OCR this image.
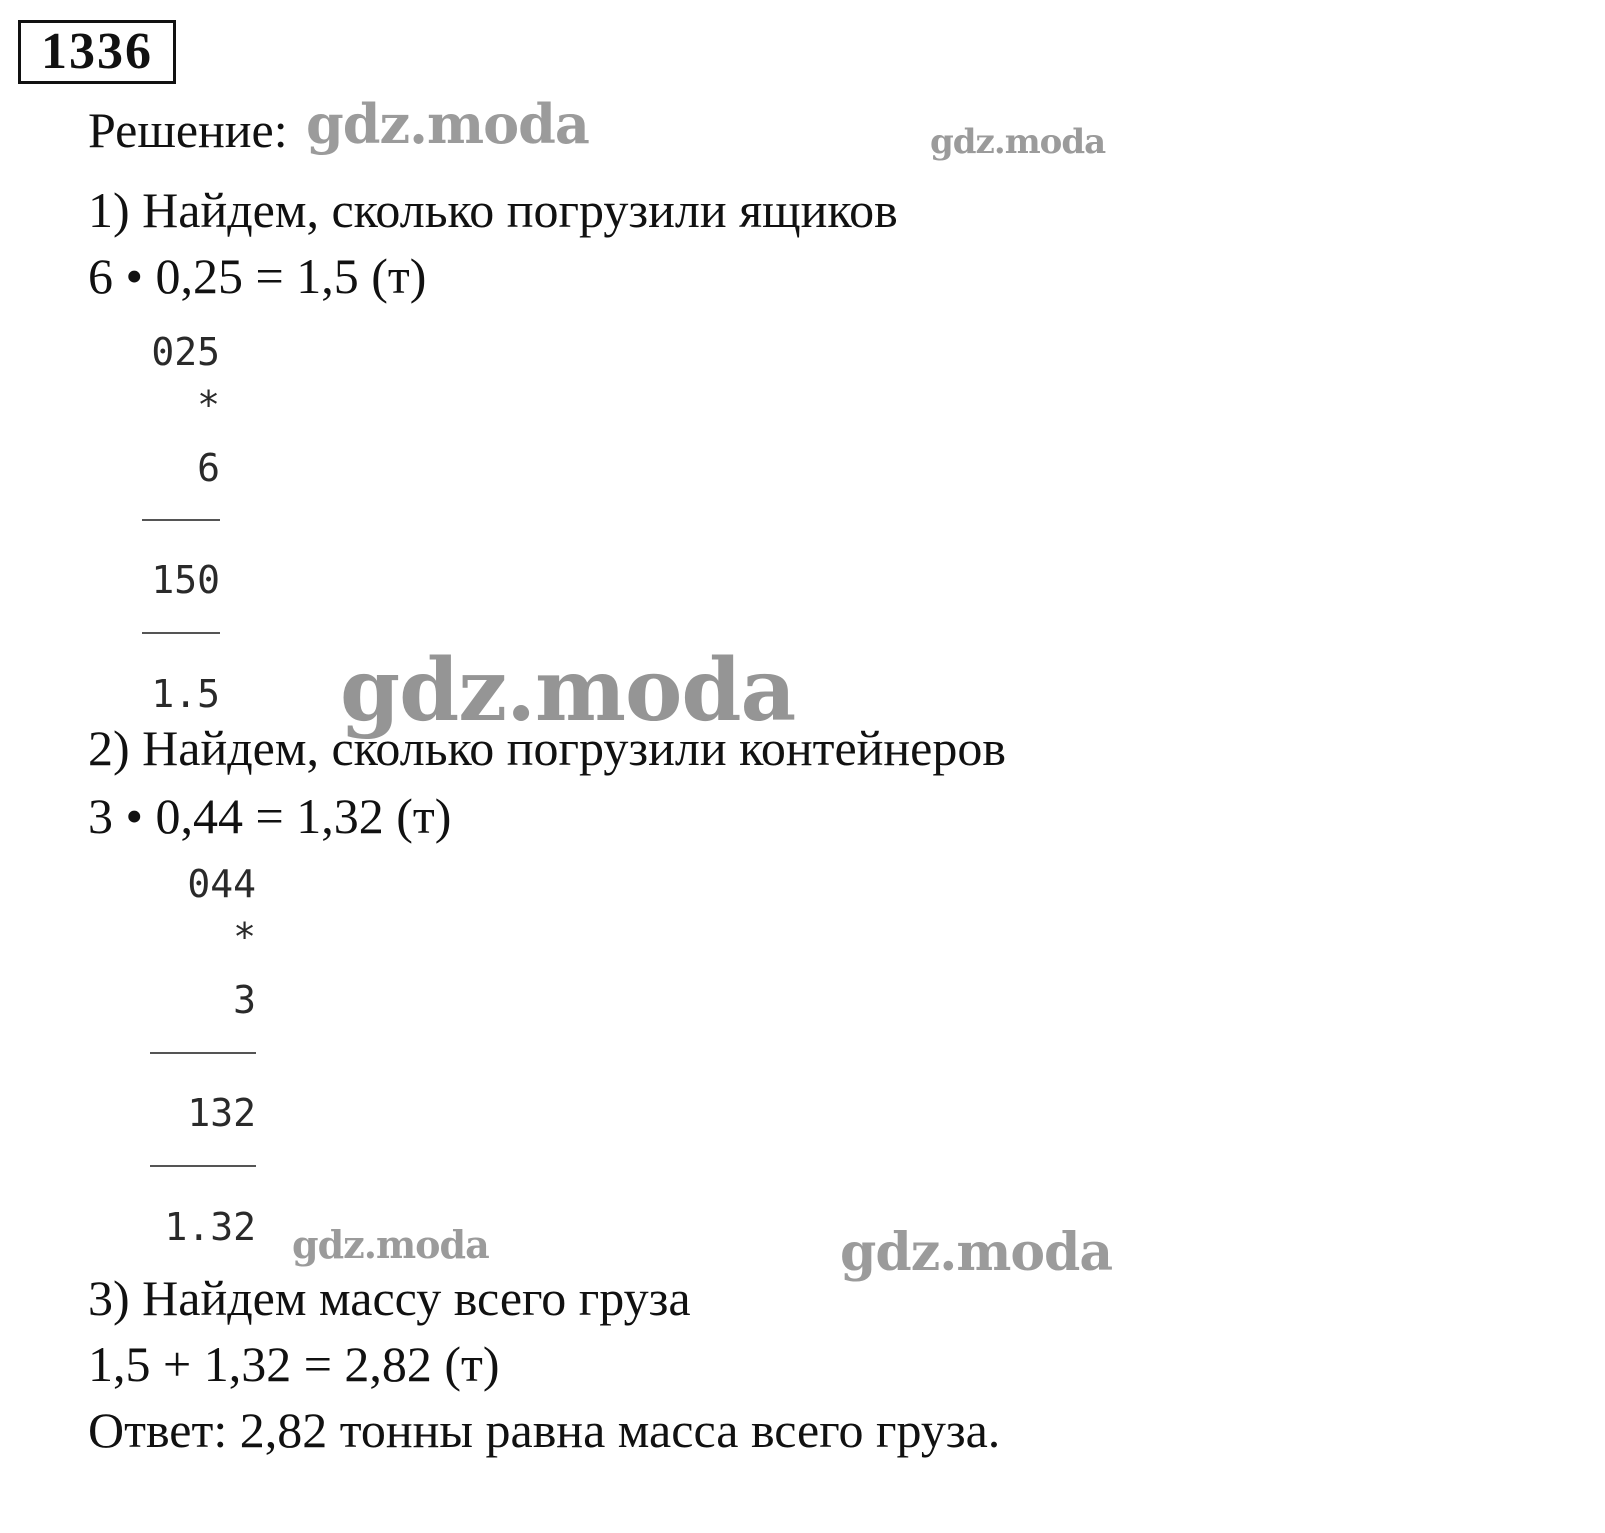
1336
Решение:
1) Найдем, сколько погрузили ящиков
6 • 0,25 = 1,5 (т)
025
*
6
150
1.5
2) Найдем, сколько погрузили контейнеров
3 • 0,44 = 1,32 (т)
044
*
3
132
1.32
3) Найдем массу всего груза
1,5 + 1,32 = 2,82 (т)
Ответ: 2,82 тонны равна масса всего груза.
gdz.moda	gdz.moda
gdz.moda
gdz.moda	gdz.moda
